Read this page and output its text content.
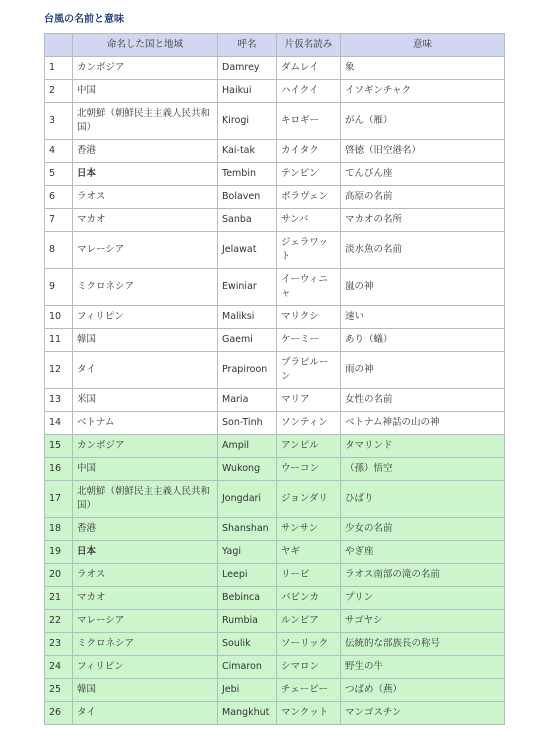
台風の名前と意味
	命名した国と地域	呼名	片仮名読み	意味
1	カンボジア	Damrey	ダムレイ	象
2	中国	Haikui	ハイクイ	イソギンチャク
3	北朝鮮（朝鮮民主主義人民共和国）	Kirogi	キロギー	がん（雁）
4	香港	Kai-tak	カイタク	啓徳（旧空港名）
5	日本	Tembin	テンビン	てんびん座
6	ラオス	Bolaven	ボラヴェン	高原の名前
7	マカオ	Sanba	サンバ	マカオの名所
8	マレーシア	Jelawat	ジェラワット	淡水魚の名前
9	ミクロネシア	Ewiniar	イーウィニャ	嵐の神
10	フィリピン	Maliksi	マリクシ	速い
11	韓国	Gaemi	ケーミー	あり（蟻）
12	タイ	Prapiroon	プラピルーン	雨の神
13	米国	Maria	マリア	女性の名前
14	ベトナム	Son-Tinh	ソンティン	ベトナム神話の山の神
15	カンボジア	Ampil	アンピル	タマリンド
16	中国	Wukong	ウーコン	（孫）悟空
17	北朝鮮（朝鮮民主主義人民共和国）	Jongdari	ジョンダリ	ひばり
18	香港	Shanshan	サンサン	少女の名前
19	日本	Yagi	ヤギ	やぎ座
20	ラオス	Leepi	リービ	ラオス南部の滝の名前
21	マカオ	Bebinca	バビンカ	プリン
22	マレーシア	Rumbia	ルンビア	サゴヤシ
23	ミクロネシア	Soulik	ソーリック	伝統的な部族長の称号
24	フィリピン	Cimaron	シマロン	野生の牛
25	韓国	Jebi	チェービー	つばめ（燕）
26	タイ	Mangkhut	マンクット	マンゴスチン
